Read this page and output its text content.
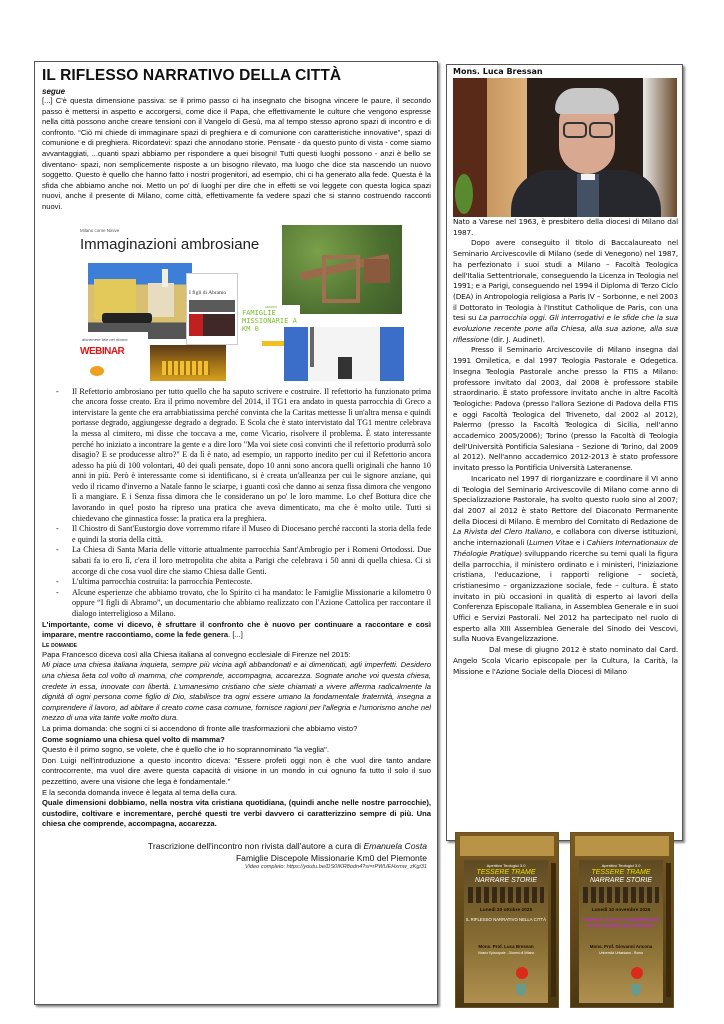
IL RIFLESSO NARRATIVO DELLA CITTÀ
segue

[...] C'è questa dimensione passiva: se il primo passo ci ha insegnato che bisogna vincere le paure, il secondo passo è mettersi in aspetto e accorgersi, come dice il Papa, che effettivamente le culture che vengono espresse nella città possono anche creare tensioni con il Vangelo di Gesù, ma al tempo stesso aprono spazi di incontro e di confronto. “Ciò mi chiede di immaginare spazi di preghiera e di comunione con caratteristiche innovative”, spazi di comunione e di preghiera. Ricordatevi: spazi che annodano storie. Pensate - da questo punto di vista - come siamo avvantaggiati, ...quanti spazi abbiamo per rispondere a quei bisogni! Tutti questi luoghi possono - anzi è bello se diventano- spazi, non semplicemente risposte a un bisogno rilevato, ma luogo che dice sta nascendo un nuovo soggetto. Questo è quello che hanno fatto i nostri progenitori, ad esempio, chi ci ha generato alla fede. Questa è la sfida che abbiamo anche noi. Metto un po' di luoghi per dire che in effetti se voi leggete con questa logica spazi nuovi, anche il presente di Milano, come città, effettivamente fa vedere spazi che si stanno costruendo racconti nuovi.

Milano come Ninive
Immaginazioni ambrosiane
I figli di Abramo
GRUPPO
FAMIGLIE MISSIONARIE A KM 0
discernere tele nel ritorno
WEBINAR
- Il Refettorio ambrosiano per tutto quello che ha saputo scrivere e costruire. Il refettorio ha funzionato prima che ancora fosse creato. Era il primo novembre del 2014, il TG1 era andato in questa parrocchia di Greco a intervistare la gente che era arrabbiatissima perché convinta che la Caritas mettesse lì un'altra mensa e quindi portasse degrado, aggiungesse degrado a degrado. E Scola che è stato intervistato dal TG1 mentre celebrava la messa al cimitero, mi disse che toccava a me, come Vicario, risolvere il problema. È stato interessante perché ho iniziato a incontrare la gente e a dire loro "Ma voi siete così convinti che il refettorio produrrà solo disagio? E se producesse altro?" E da lì è nato, ad esempio, un rapporto inedito per cui il Refettorio ancora adesso ha più di 100 volontari, 40 dei quali pensate, dopo 10 anni sono ancora quelli originali che hanno 10 anni in più. Però è interessante come si identificano, si è creata un'alleanza per cui le signore anziane, qui vedo il ricamo d'inverno a Natale fanno le sciarpe, i guanti così che danno ai senza fissa dimora che vengono lì a mangiare. E i Senza fissa dimora che le considerano un po' le loro mamme. Lo chef Bottura dice che lavorando in quel posto ha ripreso una pratica che aveva dimenticato, ma che è molto utile. Tutti si chiedevano che ginnastica fosse: la pratica era la preghiera.
- Il Chiostro di Sant'Eustorgio dove vorremmo rifare il Museo di Diocesano perché racconti la storia della fede e quindi la storia della città.
- La Chiesa di Santa Maria delle vittorie attualmente parrocchia Sant'Ambrogio per i Romeni Ortodossi. Due sabati fa io ero lì, c'era il loro metropolita che abita a Parigi che celebrava i 50 anni di quella chiesa. Ci si accorge di che cosa vuol dire che siamo Chiesa dalle Genti.
- L'ultima parrocchia costruita: la parrocchia Pentecoste.
- Alcune esperienze che abbiamo trovato, che lo Spirito ci ha mandato: le Famiglie Missionarie a kilometro 0 oppure “I figli di Abramo”, un documentario che abbiamo realizzato con l'Azione Cattolica per raccontare il dialogo interreligioso a Milano.

L'importante, come vi dicevo, è sfruttare il confronto che è nuovo per continuare a raccontare e così imparare, mentre raccontiamo, come la fede genera. [...]

Le domande

Papa Francesco diceva così alla Chiesa italiana al convegno ecclesiale di Firenze nel 2015:

Mi piace una chiesa italiana inquieta, sempre più vicina agli abbandonati e ai dimenticati, agli imperfetti. Desidero una chiesa lieta col volto di mamma, che comprende, accompagna, accarezza. Sognate anche voi questa chiesa, credete in essa, innovate con libertà. L'umanesimo cristiano che siete chiamati a vivere afferma radicalmente la dignità di ogni persona come figlio di Dio, stabilisce tra ogni essere umano la fondamentale fraternità, insegna a comprendere il lavoro, ad abitare il creato come casa comune, fornisce ragioni per l'allegria e l'umorismo anche nel mezzo di una vita tante volte molto dura.

La prima domanda: che sogni ci si accendono di fronte alle trasformazioni che abbiamo visto?

Come sogniamo una chiesa quel volto di mamma?

Questo è il primo sogno, se volete, che è quello che io ho soprannominato "la veglia".

Don Luigi nell'introduzione a questo incontro diceva: "Essere profeti oggi non è che vuol dire tanto andare controcorrente, ma vuol dire avere questa capacità di visione in un mondo in cui ognuno fa tutto il solo il suo pezzettino, avere una visione che lega è fondamentale."

E la seconda domanda invece è legata al tema della cura.

Quale dimensioni dobbiamo, nella nostra vita cristiana quotidiana, (quindi anche nelle nostre parrocchie), custodire, coltivare e incrementare, perché questi tre verbi davvero ci caratterizzino sempre di più. Una chiesa che comprende, accompagna, accarezza.

Trascrizione dell'incontro non rivista dall'autore a cura di Emanuela Costa
Famiglie Discepole Missionarie Km0 del Piemonte
Video completo: https://youtu.be/DS0IKR8odn4?si=rPWUEHxmw_zKgi31
Mons. Luca Bressan

Nato a Varese nel 1963, è presbitero della diocesi di Milano dal 1987.

Dopo avere conseguito il titolo di Baccalaureato nel Seminario Arcivescovile di Milano (sede di Venegono) nel 1987, ha perfezionato i suoi studi a Milano – Facoltà Teologica dell'Italia Settentrionale, conseguendo la Licenza in Teologia nel 1991; e a Parigi, conseguendo nel 1994 il Diploma di Terzo Ciclo (DEA) in Antropologia religiosa a Paris IV – Sorbonne, e nel 2003 il Dottorato in Teologia à l'Institut Catholique de Paris, con una tesi su La parrocchia oggi. Gli interrogativi e le sfide che la sua evoluzione recente pone alla Chiesa, alla sua azione, alla sua riflessione (dir. J. Audinet).

Presso il Seminario Arcivescovile di Milano insegna dal 1991 Omiletica, e dal 1997 Teologia Pastorale e Odegetica. Insegna Teologia Pastorale anche presso la FTIS a Milano: professore invitato dal 2003, dal 2008 è professore stabile straordinario. È stato professore invitato anche in altre Facoltà Teologiche: Padova (presso l'allora Sezione di Padova della FTIS e oggi Facoltà Teologica del Triveneto, dal 2002 al 2012), Palermo (presso la Facoltà Teologica di Sicilia, nell'anno accademico 2005/2006); Torino (presso la Facoltà di Teologia dell'Università Pontificia Salesiana – Sezione di Torino, dal 2009 al 2012). Nell'anno accademico 2012-2013 è stato professore invitato presso la Pontificia Università Lateranense.

Incaricato nel 1997 di riorganizzare e coordinare il VI anno di Teologia del Seminario Arcivescovile di Milano come anno di Specializzazione Pastorale, ha svolto questo ruolo sino al 2007; dal 2007 al 2012 è stato Rettore del Diaconato Permanente della Diocesi di Milano. È membro del Comitato di Redazione de La Rivista del Clero Italiano, e collabora con diverse istituzioni, anche internazionali (Lumen Vitae e i Cahiers Internationaux de Théologie Pratique) sviluppando ricerche su temi quali la figura della parrocchia, il ministero ordinato e i ministeri, l'iniziazione cristiana, l'educazione, i rapporti religione – società, cristianesimo – organizzazione sociale, fede – cultura. È stato invitato in più occasioni in qualità di esperto ai lavori della Conferenza Episcopale Italiana, in Assemblea Generale e in suoi Uffici e Servizi Pastorali. Nel 2012 ha partecipato nel ruolo di esperto alla XIII Assemblea Generale del Sinodo dei Vescovi, sulla Nuova Evangelizzazione.

Dal mese di giugno 2012 è stato nominato dal Card. Angelo Scola Vicario episcopale per la Cultura, la Carità, la Missione e l'Azione Sociale della Diocesi di Milano

Aperitivo Teologici 3.0
TESSERE TRAME
NARRARE STORIE
Lunedì 20 ottobre 2025
IL RIFLESSO NARRATIVO NELLA CITTÀ
Mons. Prof. Luca Bressan
Vicario Episcopale - Diocesi di Milano
Aperitivo Teologici 3.0
TESSERE TRAME
NARRARE STORIE
Lunedì 10 novembre 2025
VIVERE IL LUTTO LA RISURREZIONE DI UN LEGAME CHE CONTINUA
Mons. Prof. Giovanni Ancona
Università Urbaniana - Roma
